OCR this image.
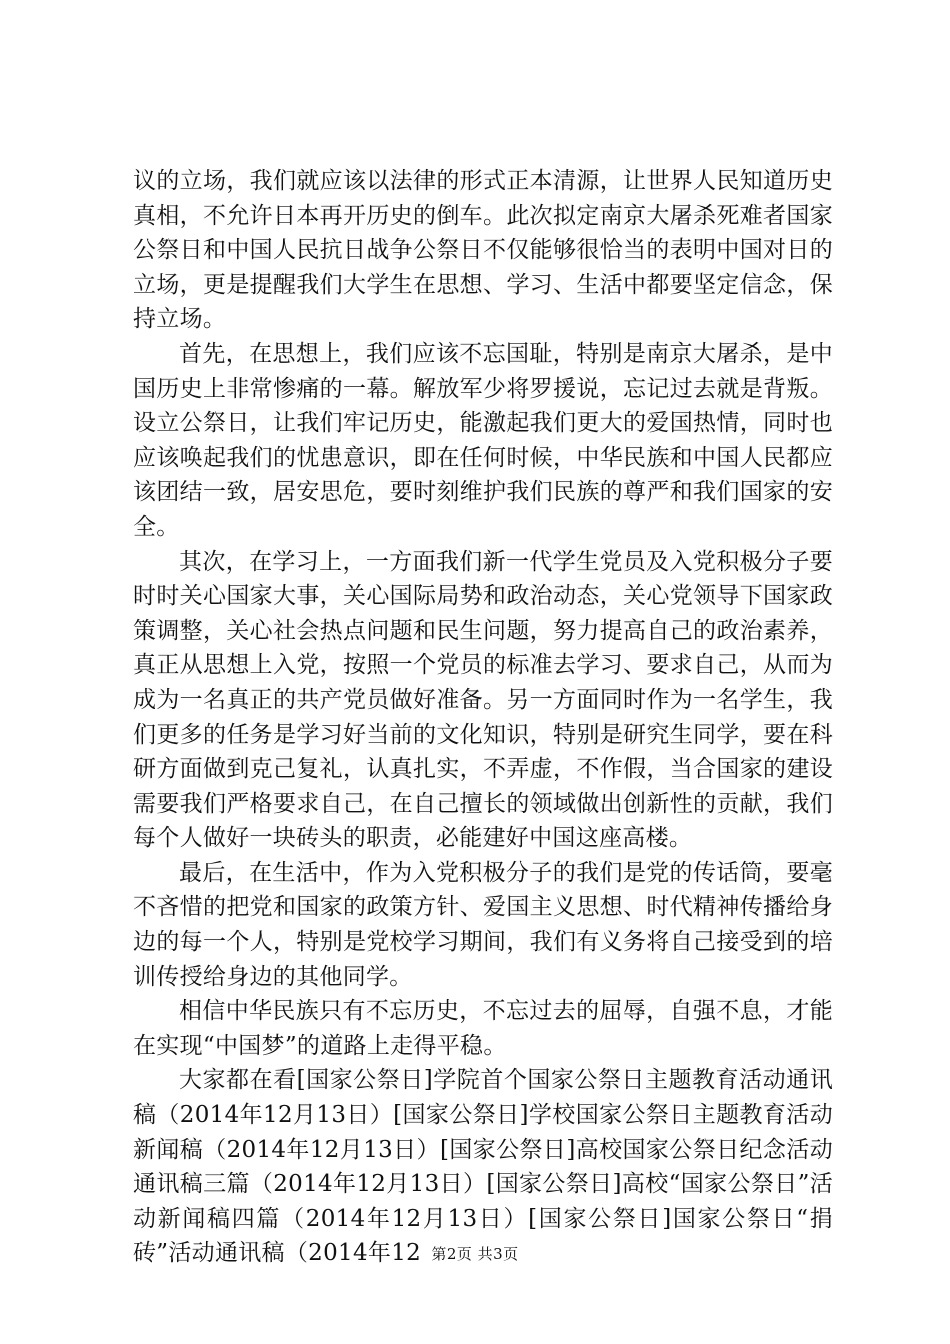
议的立场，我们就应该以法律的形式正本清源，让世界人民知道历史真相，不允许日本再开历史的倒车。此次拟定南京大屠杀死难者国家公祭日和中国人民抗日战争公祭日不仅能够很恰当的表明中国对日的立场，更是提醒我们大学生在思想、学习、生活中都要坚定信念，保持立场。

首先，在思想上，我们应该不忘国耻，特别是南京大屠杀，是中国历史上非常惨痛的一幕。解放军少将罗援说，忘记过去就是背叛。设立公祭日，让我们牢记历史，能激起我们更大的爱国热情，同时也应该唤起我们的忧患意识，即在任何时候，中华民族和中国人民都应该团结一致，居安思危，要时刻维护我们民族的尊严和我们国家的安全。

其次，在学习上，一方面我们新一代学生党员及入党积极分子要时时关心国家大事，关心国际局势和政治动态，关心党领导下国家政策调整，关心社会热点问题和民生问题，努力提高自己的政治素养，真正从思想上入党，按照一个党员的标准去学习、要求自己，从而为成为一名真正的共产党员做好准备。另一方面同时作为一名学生，我们更多的任务是学习好当前的文化知识，特别是研究生同学，要在科研方面做到克己复礼，认真扎实，不弄虚，不作假，当合国家的建设需要我们严格要求自己，在自己擅长的领域做出创新性的贡献，我们每个人做好一块砖头的职责，必能建好中国这座高楼。

最后，在生活中，作为入党积极分子的我们是党的传话筒，要毫不吝惜的把党和国家的政策方针、爱国主义思想、时代精神传播给身边的每一个人，特别是党校学习期间，我们有义务将自己接受到的培训传授给身边的其他同学。

相信中华民族只有不忘历史，不忘过去的屈辱，自强不息，才能在实现“中国梦”的道路上走得平稳。

大家都在看[国家公祭日]学院首个国家公祭日主题教育活动通讯稿（2014年12月13日）[国家公祭日]学校国家公祭日主题教育活动新闻稿（2014年12月13日）[国家公祭日]高校国家公祭日纪念活动通讯稿三篇（2014年12月13日）[国家公祭日]高校“国家公祭日”活动新闻稿四篇（2014年12月13日）[国家公祭日]国家公祭日“捐砖”活动通讯稿（2014年12 第2页 共3页
